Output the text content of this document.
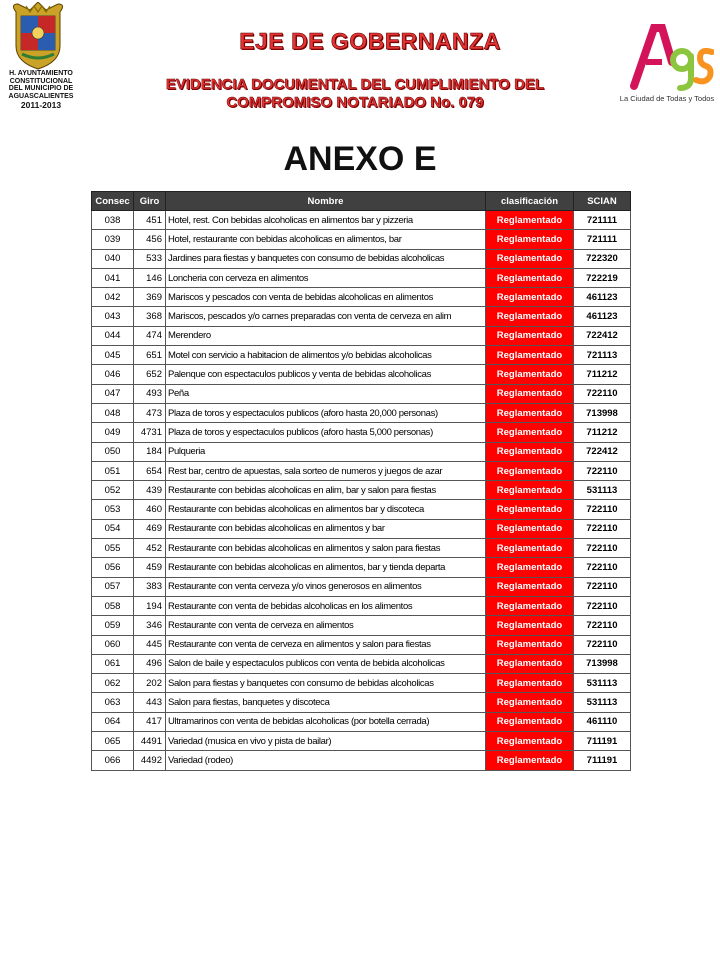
H. AYUNTAMIENTO
CONSTITUCIONAL
DEL MUNICIPIO DE
AGUASCALIENTES
2011-2013
EJE DE GOBERNANZA
EVIDENCIA DOCUMENTAL DEL CUMPLIMIENTO DEL
COMPROMISO NOTARIADO No. 079	La Ciudad de Todas y Todos
ANEXO E
Consec	Giro	Nombre	clasificación	SCIAN
038	451	Hotel, rest. Con bebidas alcoholicas en alimentos bar y pizzeria	Reglamentado	721111
039	456	Hotel, restaurante con bebidas alcoholicas en alimentos, bar	Reglamentado	721111
040	533	Jardines para fiestas y banquetes con consumo de bebidas alcoholicas	Reglamentado	722320
041	146	Loncheria con cerveza en alimentos	Reglamentado	722219
042	369	Mariscos y pescados con venta de bebidas alcoholicas en alimentos	Reglamentado	461123
043	368	Mariscos, pescados y/o carnes preparadas con venta de cerveza en alim	Reglamentado	461123
044	474	Merendero	Reglamentado	722412
045	651	Motel con servicio a habitacion de alimentos y/o bebidas alcoholicas	Reglamentado	721113
046	652	Palenque con espectaculos publicos y venta de bebidas alcoholicas	Reglamentado	711212
047	493	Peña	Reglamentado	722110
048	473	Plaza de toros y espectaculos publicos (aforo hasta 20,000 personas)	Reglamentado	713998
049	4731	Plaza de toros y espectaculos publicos (aforo hasta 5,000 personas)	Reglamentado	711212
050	184	Pulqueria	Reglamentado	722412
051	654	Rest bar, centro de apuestas, sala sorteo de numeros y juegos de azar	Reglamentado	722110
052	439	Restaurante con bebidas alcoholicas en alim, bar y salon para fiestas	Reglamentado	531113
053	460	Restaurante con bebidas alcoholicas en alimentos bar y discoteca	Reglamentado	722110
054	469	Restaurante con bebidas alcoholicas en alimentos y bar	Reglamentado	722110
055	452	Restaurante con bebidas alcoholicas en alimentos y salon para fiestas	Reglamentado	722110
056	459	Restaurante con bebidas alcoholicas en alimentos, bar y tienda departa	Reglamentado	722110
057	383	Restaurante con venta cerveza y/o vinos generosos en alimentos	Reglamentado	722110
058	194	Restaurante con venta de bebidas alcoholicas en los alimentos	Reglamentado	722110
059	346	Restaurante con venta de cerveza en alimentos	Reglamentado	722110
060	445	Restaurante con venta de cerveza en alimentos y salon para fiestas	Reglamentado	722110
061	496	Salon de baile y espectaculos publicos con venta de bebida alcoholicas	Reglamentado	713998
062	202	Salon para fiestas y banquetes con consumo de bebidas alcoholicas	Reglamentado	531113
063	443	Salon para fiestas, banquetes y discoteca	Reglamentado	531113
064	417	Ultramarinos con venta de bebidas alcoholicas (por botella cerrada)	Reglamentado	461110
065	4491	Variedad (musica en vivo y pista de bailar)	Reglamentado	711191
066	4492	Variedad (rodeo)	Reglamentado	711191
